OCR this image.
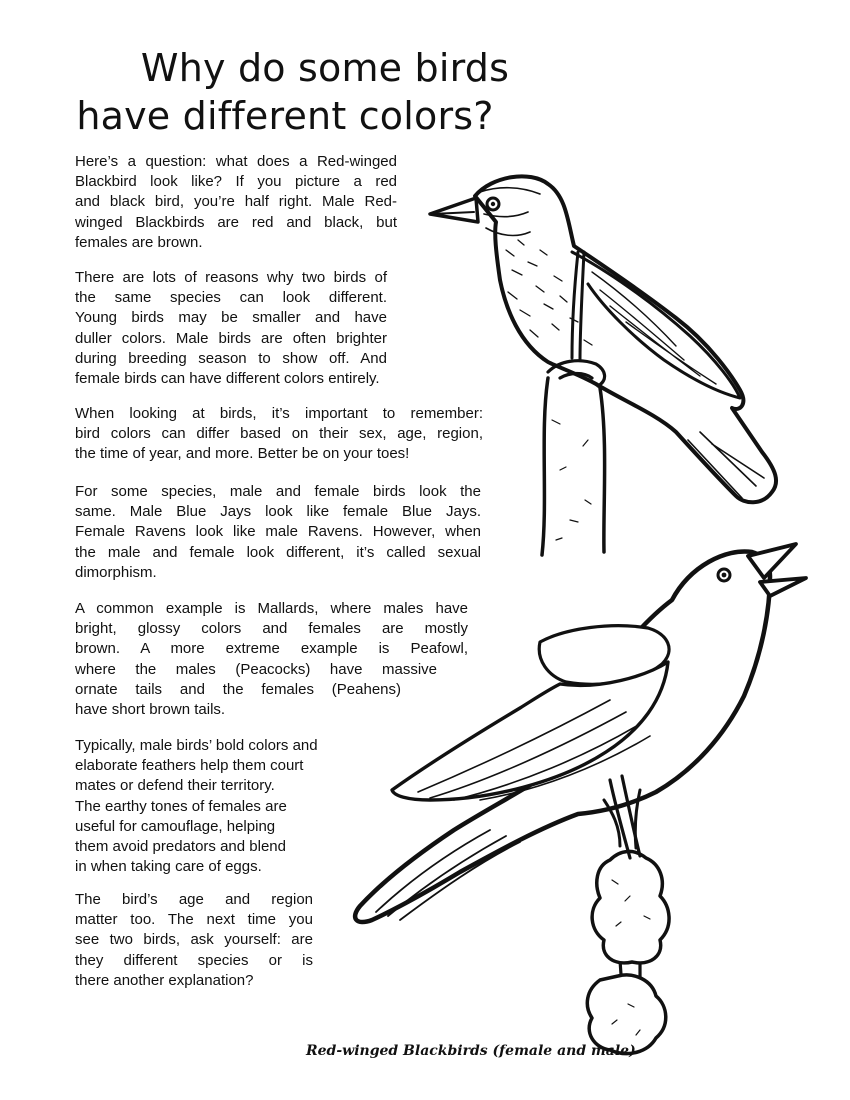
Why do some birds
have different colors?
Here’s a question: what does a Red-winged
Blackbird look like? If you picture a red
and black bird, you’re half right. Male Red-
winged Blackbirds are red and black, but
females are brown.
There are lots of reasons why two birds of
the same species can look different.
Young birds may be smaller and have
duller colors. Male birds are often brighter
during breeding season to show off. And
female birds can have different colors entirely.
When looking at birds, it’s important to remember:
bird colors can differ based on their sex, age, region,
the time of year, and more. Better be on your toes!
For some species, male and female birds look the
same. Male Blue Jays look like female Blue Jays.
Female Ravens look like male Ravens. However, when
the male and female look different, it’s called sexual
dimorphism.
A common example is Mallards, where males have
bright, glossy colors and females are mostly
brown. A more extreme example is Peafowl,
where the males (Peacocks) have massive
ornate tails and the females (Peahens)
have short brown tails.
Typically, male birds’ bold colors and
elaborate feathers help them court
mates or defend their territory.
The earthy tones of females are
useful for camouflage, helping
them avoid predators and blend
in when taking care of eggs.
The bird’s age and region
matter too. The next time you
see two birds, ask yourself: are
they different species or is
there another explanation?
Red-winged Blackbirds (female and male)
